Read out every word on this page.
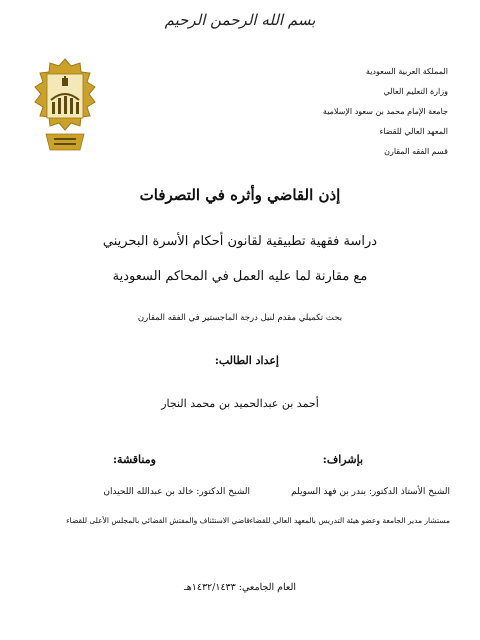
بسم الله الرحمن الرحيم
المملكة العربية السعودية
وزارة التعليم العالي
جامعة الإمام محمد بن سعود الإسلامية
المعهد العالي للقضاء
قسم الفقه المقارن
إذن القاضي وأثره في التصرفات
دراسة فقهية تطبيقية لقانون أحكام الأسرة البحريني
مع مقارنة لما عليه العمل في المحاكم السعودية
بحث تكميلي مقدم لنيل درجة الماجستير في الفقه المقارن
إعداد الطالب:
أحمد بن عبدالحميد بن محمد النجار
بإشراف:
ومناقشة:
الشيخ الأستاذ الدكتور: بندر بن فهد السويلم
مستشار مدير الجامعة وعضو هيئة التدريس بالمعهد العالي للقضاء
الشيخ الدكتور: خالد بن عبدالله اللحيدان
قاضي الاستئناف والمفتش القضائي بالمجلس الأعلى للقضاء
العام الجامعي: ١٤٣٢/١٤٣٣هـ
